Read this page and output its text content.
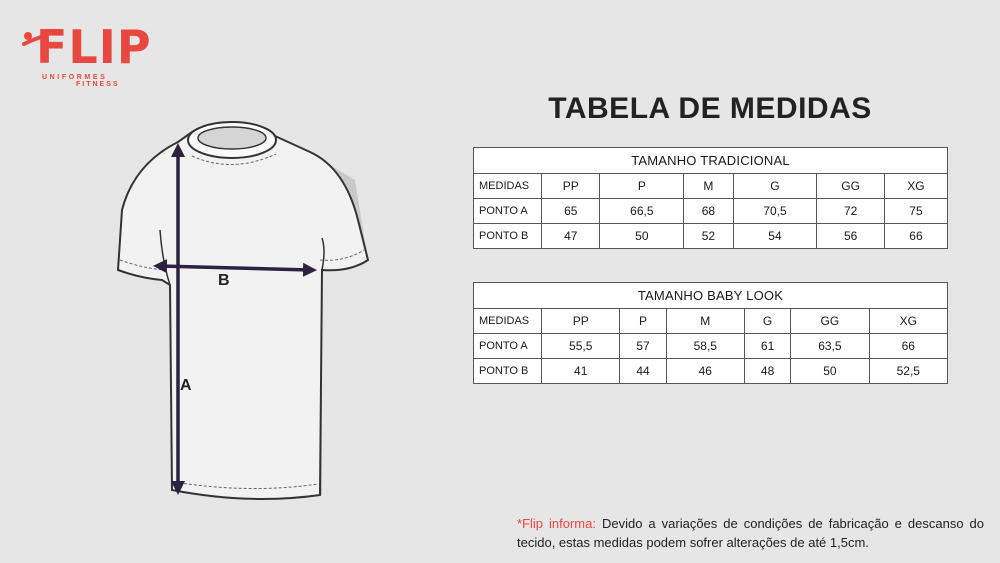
FLIP
UNIFORMES
FITNESS
A
B
TABELA DE MEDIDAS
TAMANHO TRADICIONAL						
MEDIDAS	PP	P	M	G	GG	XG
PONTO A	65	66,5	68	70,5	72	75
PONTO B	47	50	52	54	56	66
TAMANHO BABY LOOK						
MEDIDAS	PP	P	M	G	GG	XG
PONTO A	55,5	57	58,5	61	63,5	66
PONTO B	41	44	46	48	50	52,5
*Flip informa: Devido a variações de condições de fabricação e descanso do tecido, estas medidas podem sofrer alterações de até 1,5cm.
